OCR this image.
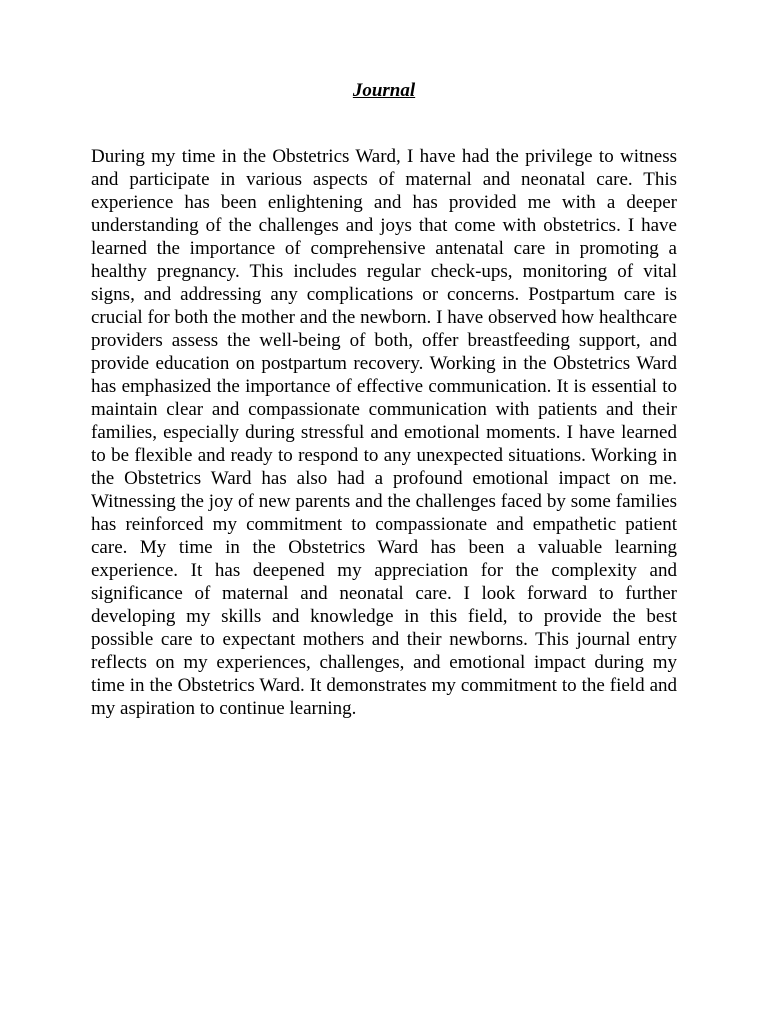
Journal

During my time in the Obstetrics Ward, I have had the privilege to witness and participate in various aspects of maternal and neonatal care. This experience has been enlightening and has provided me with a deeper understanding of the challenges and joys that come with obstetrics. I have learned the importance of comprehensive antenatal care in promoting a healthy pregnancy. This includes regular check-ups, monitoring of vital signs, and addressing any complications or concerns. Postpartum care is crucial for both the mother and the newborn. I have observed how healthcare providers assess the well-being of both, offer breastfeeding support, and provide education on postpartum recovery. Working in the Obstetrics Ward has emphasized the importance of effective communication. It is essential to maintain clear and compassionate communication with patients and their families, especially during stressful and emotional moments. I have learned to be flexible and ready to respond to any unexpected situations. Working in the Obstetrics Ward has also had a profound emotional impact on me. Witnessing the joy of new parents and the challenges faced by some families has reinforced my commitment to compassionate and empathetic patient care. My time in the Obstetrics Ward has been a valuable learning experience. It has deepened my appreciation for the complexity and significance of maternal and neonatal care. I look forward to further developing my skills and knowledge in this field, to provide the best possible care to expectant mothers and their newborns. This journal entry reflects on my experiences, challenges, and emotional impact during my time in the Obstetrics Ward. It demonstrates my commitment to the field and my aspiration to continue learning.
